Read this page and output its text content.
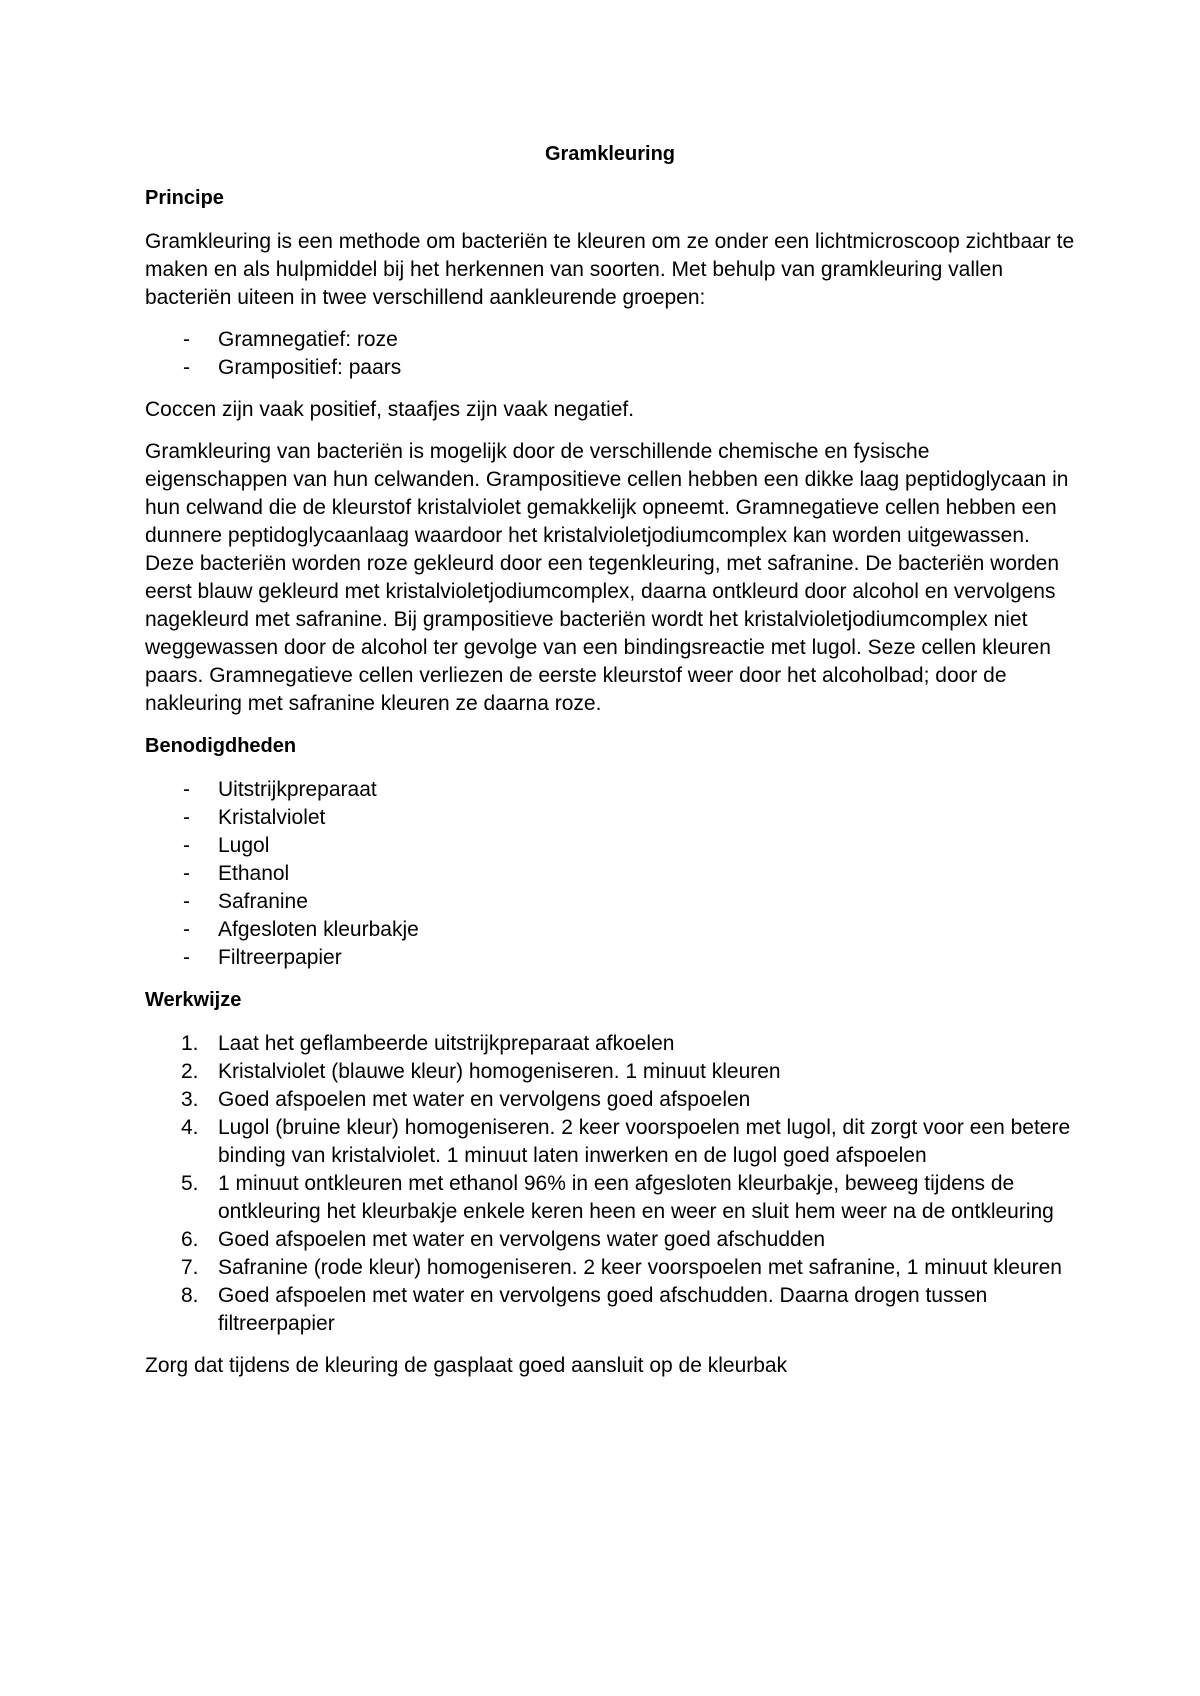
Gramkleuring
Principe

Gramkleuring is een methode om bacteriën te kleuren om ze onder een lichtmicroscoop zichtbaar te maken en als hulpmiddel bij het herkennen van soorten. Met behulp van gramkleuring vallen bacteriën uiteen in twee verschillend aankleurende groepen:

- Gramnegatief: roze
- Grampositief: paars

Coccen zijn vaak positief, staafjes zijn vaak negatief.

Gramkleuring van bacteriën is mogelijk door de verschillende chemische en fysische eigenschappen van hun celwanden. Grampositieve cellen hebben een dikke laag peptidoglycaan in hun celwand die de kleurstof kristalviolet gemakkelijk opneemt. Gramnegatieve cellen hebben een dunnere peptidoglycaanlaag waardoor het kristalvioletjodiumcomplex kan worden uitgewassen. Deze bacteriën worden roze gekleurd door een tegenkleuring, met safranine. De bacteriën worden eerst blauw gekleurd met kristalvioletjodiumcomplex, daarna ontkleurd door alcohol en vervolgens nagekleurd met safranine. Bij grampositieve bacteriën wordt het kristalvioletjodiumcomplex niet weggewassen door de alcohol ter gevolge van een bindingsreactie met lugol. Seze cellen kleuren paars. Gramnegatieve cellen verliezen de eerste kleurstof weer door het alcoholbad; door de nakleuring met safranine kleuren ze daarna roze.

Benodigdheden
- Uitstrijkpreparaat
- Kristalviolet
- Lugol
- Ethanol
- Safranine
- Afgesloten kleurbakje
- Filtreerpapier
Werkwijze
1. Laat het geflambeerde uitstrijkpreparaat afkoelen
2. Kristalviolet (blauwe kleur) homogeniseren. 1 minuut kleuren
3. Goed afspoelen met water en vervolgens goed afspoelen
4. Lugol (bruine kleur) homogeniseren. 2 keer voorspoelen met lugol, dit zorgt voor een betere binding van kristalviolet. 1 minuut laten inwerken en de lugol goed afspoelen
5. 1 minuut ontkleuren met ethanol 96% in een afgesloten kleurbakje, beweeg tijdens de ontkleuring het kleurbakje enkele keren heen en weer en sluit hem weer na de ontkleuring
6. Goed afspoelen met water en vervolgens water goed afschudden
7. Safranine (rode kleur) homogeniseren. 2 keer voorspoelen met safranine, 1 minuut kleuren
8. Goed afspoelen met water en vervolgens goed afschudden. Daarna drogen tussen filtreerpapier

Zorg dat tijdens de kleuring de gasplaat goed aansluit op de kleurbak
